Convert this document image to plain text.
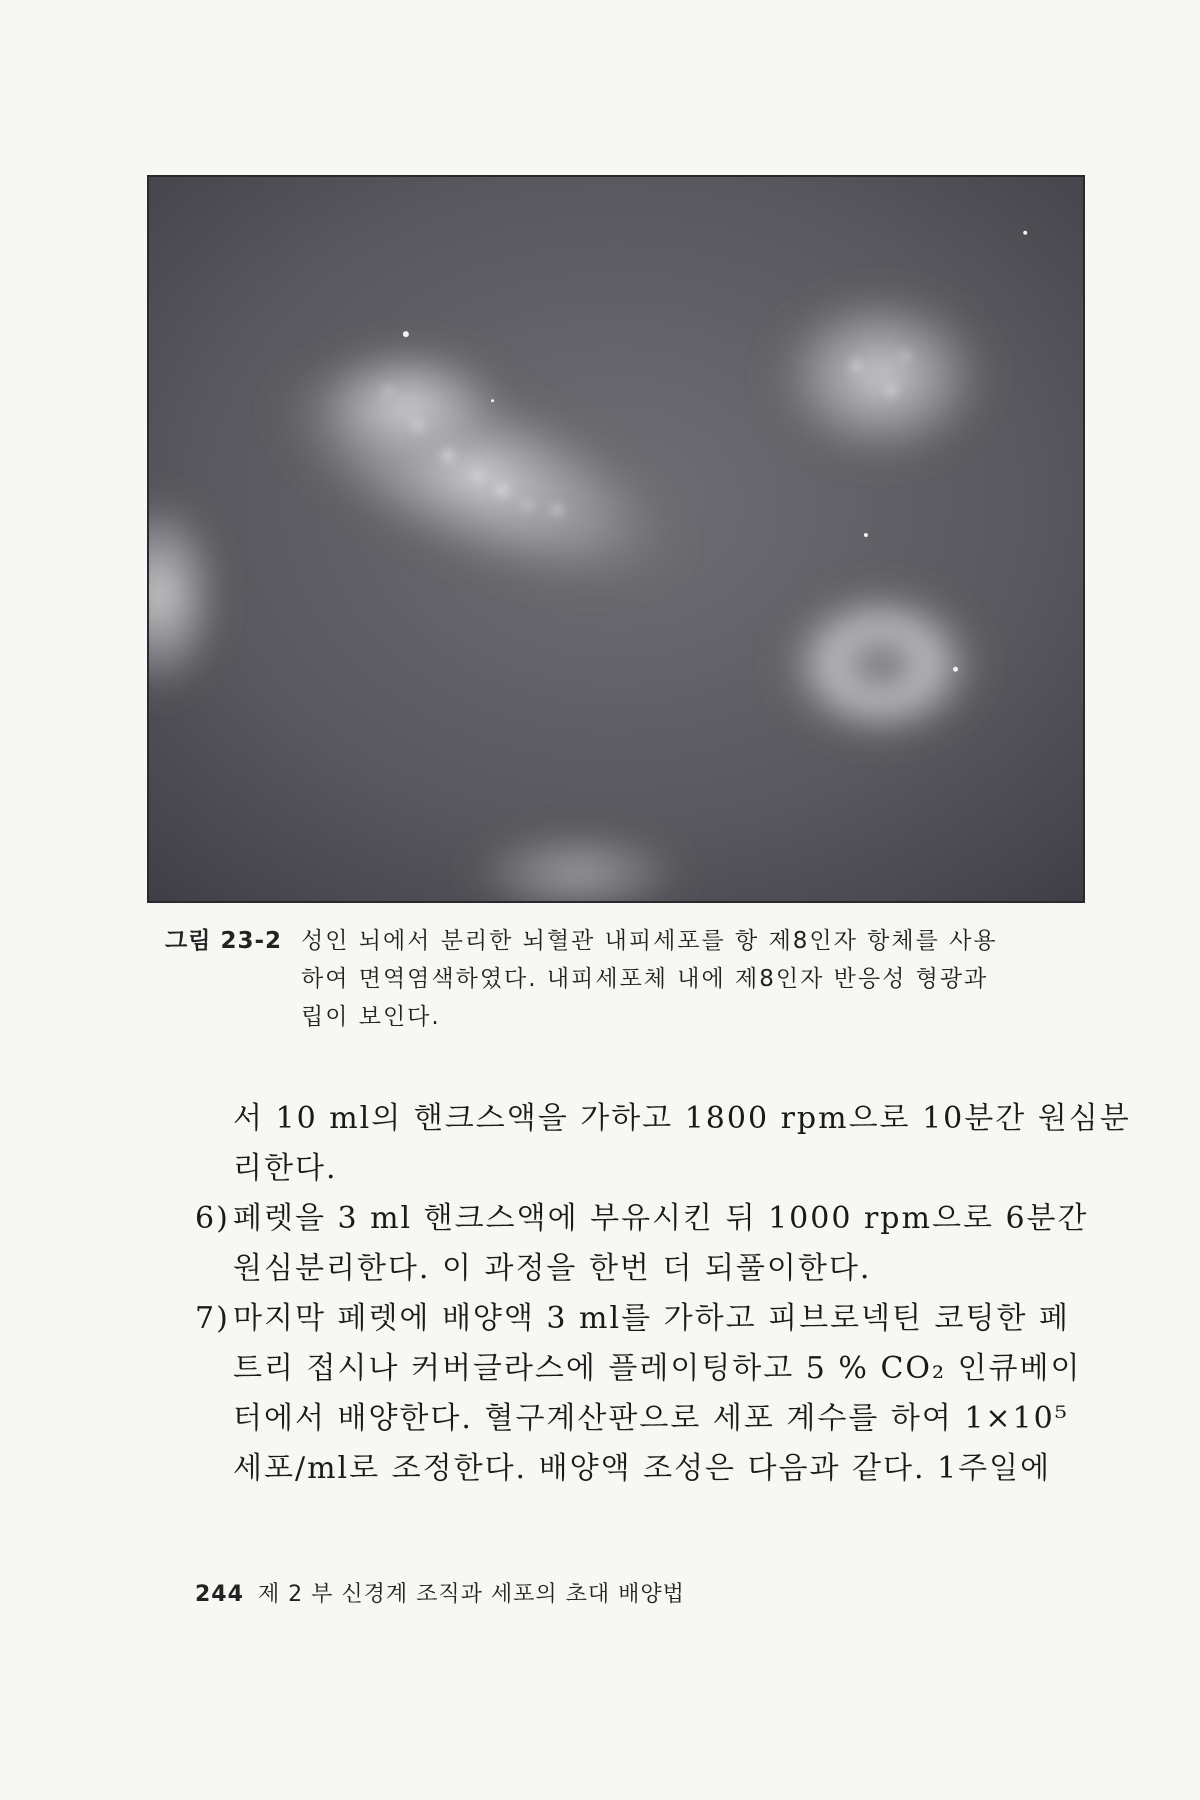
그림 23-2 성인 뇌에서 분리한 뇌혈관 내피세포를 항 제8인자 항체를 사용
하여 면역염색하였다. 내피세포체 내에 제8인자 반응성 형광과
립이 보인다.
서 10 ml의 핸크스액을 가하고 1800 rpm으로 10분간 원심분
리한다.
6) 페렛을 3 ml 핸크스액에 부유시킨 뒤 1000 rpm으로 6분간
원심분리한다. 이 과정을 한번 더 되풀이한다.
7) 마지막 페렛에 배양액 3 ml를 가하고 피브로넥틴 코팅한 페
트리 접시나 커버글라스에 플레이팅하고 5 % CO₂ 인큐베이
터에서 배양한다. 혈구계산판으로 세포 계수를 하여 1×10⁵
세포/ml로 조정한다. 배양액 조성은 다음과 같다. 1주일에
244 제 2 부 신경계 조직과 세포의 초대 배양법
